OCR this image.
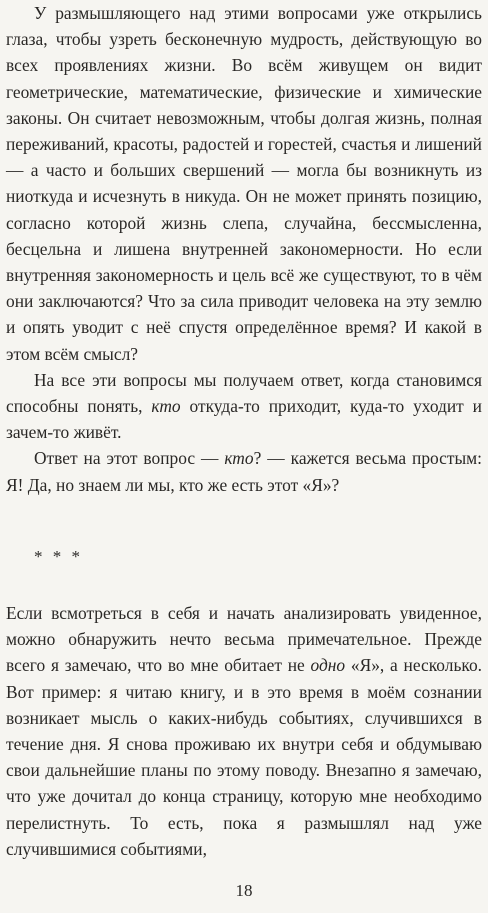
У размышляющего над этими вопросами уже открылись глаза, чтобы узреть бесконечную мудрость, действующую во всех проявлениях жизни. Во всём живущем он видит геометрические, математические, физические и химические законы. Он считает невозможным, чтобы долгая жизнь, полная переживаний, красоты, радостей и горестей, счастья и лишений — а часто и больших свершений — могла бы возникнуть из ниоткуда и исчезнуть в никуда. Он не может принять позицию, согласно которой жизнь слепа, случайна, бессмысленна, бесцельна и лишена внутренней закономерности. Но если внутренняя закономерность и цель всё же существуют, то в чём они заключаются? Что за сила приводит человека на эту землю и опять уводит с неё спустя определённое время? И какой в этом всём смысл?

На все эти вопросы мы получаем ответ, когда становимся способны понять, кто откуда-то приходит, куда-то уходит и зачем-то живёт.

Ответ на этот вопрос — кто? — кажется весьма простым: Я! Да, но знаем ли мы, кто же есть этот «Я»?

* * *

Если всмотреться в себя и начать анализировать увиденное, можно обнаружить нечто весьма примечательное. Прежде всего я замечаю, что во мне обитает не одно «Я», а несколько. Вот пример: я читаю книгу, и в это время в моём сознании возникает мысль о каких-нибудь событиях, случившихся в течение дня. Я снова проживаю их внутри себя и обдумываю свои дальнейшие планы по этому поводу. Внезапно я замечаю, что уже дочитал до конца страницу, которую мне необходимо перелистнуть. То есть, пока я размышлял над уже случившимися событиями,

18
